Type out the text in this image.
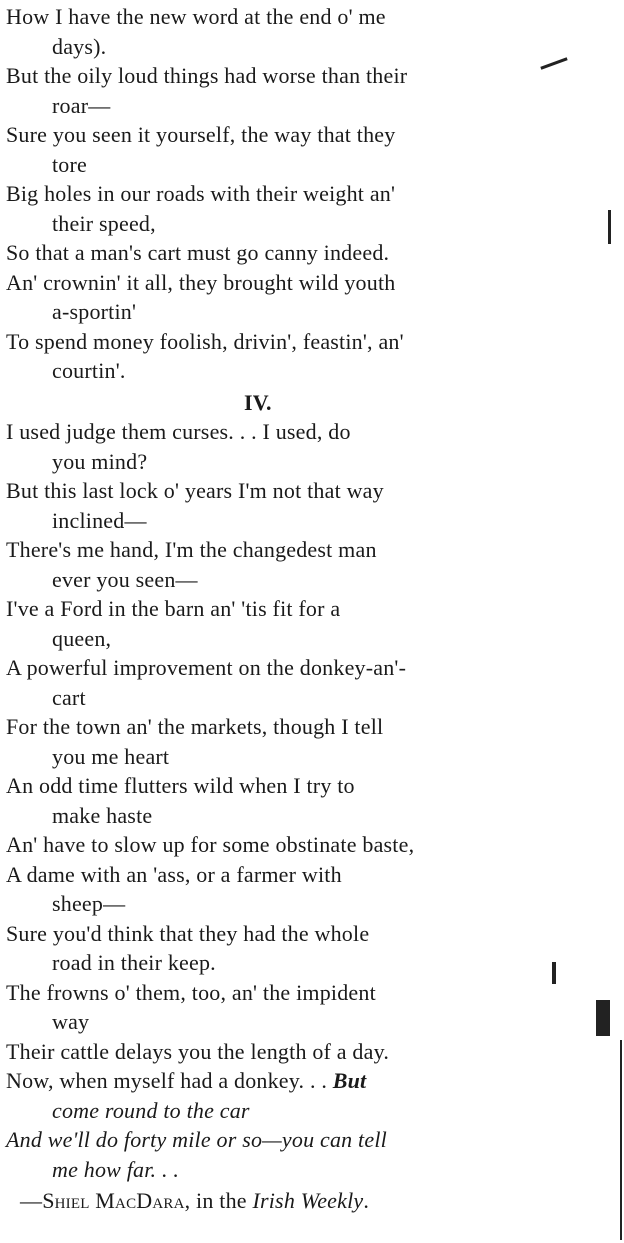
How I have the new word at the end o' me
days).
But the oily loud things had worse than their
roar—
Sure you seen it yourself, the way that they
tore
Big holes in our roads with their weight an'
their speed,
So that a man's cart must go canny indeed.
An' crownin' it all, they brought wild youth
a-sportin'
To spend money foolish, drivin', feastin', an'
courtin'.
IV.
I used judge them curses. . . I used, do
you mind?
But this last lock o' years I'm not that way
inclined—
There's me hand, I'm the changedest man
ever you seen—
I've a Ford in the barn an' 'tis fit for a
queen,
A powerful improvement on the donkey-an'-
cart
For the town an' the markets, though I tell
you me heart
An odd time flutters wild when I try to
make haste
An' have to slow up for some obstinate baste,
A dame with an 'ass, or a farmer with
sheep—
Sure you'd think that they had the whole
road in their keep.
The frowns o' them, too, an' the impident
way
Their cattle delays you the length of a day.
Now, when myself had a donkey. . . But
come round to the car
And we'll do forty mile or so—you can tell
me how far. . .
—Shiel MacDara, in the Irish Weekly.
